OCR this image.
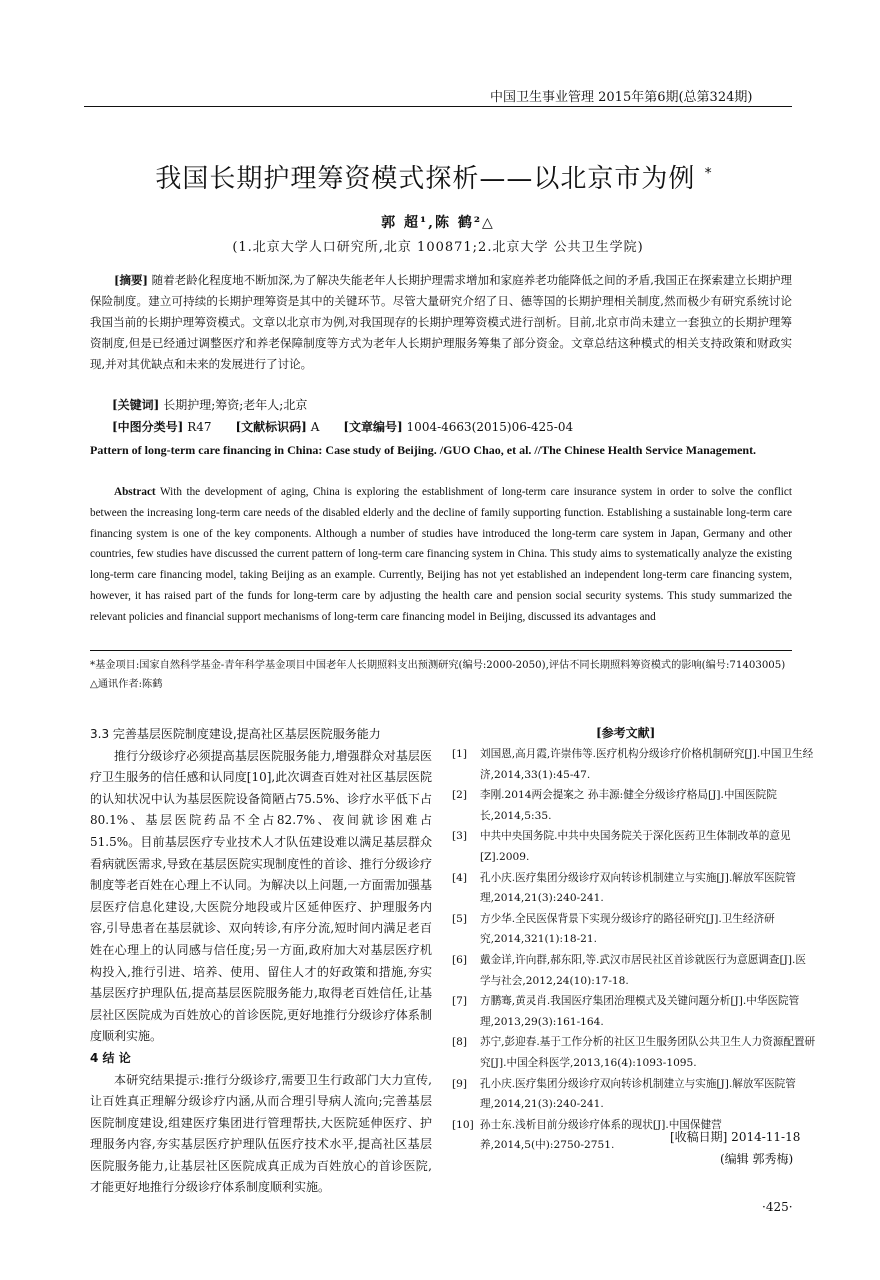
中国卫生事业管理 2015年第6期(总第324期)
我国长期护理筹资模式探析——以北京市为例 *
郭 超¹,陈 鹤²△
(1.北京大学人口研究所,北京 100871;2.北京大学 公共卫生学院)
[摘要] 随着老龄化程度地不断加深,为了解决失能老年人长期护理需求增加和家庭养老功能降低之间的矛盾,我国正在探索建立长期护理保险制度。建立可持续的长期护理筹资是其中的关键环节。尽管大量研究介绍了日、德等国的长期护理相关制度,然而极少有研究系统讨论我国当前的长期护理筹资模式。文章以北京市为例,对我国现存的长期护理筹资模式进行剖析。目前,北京市尚未建立一套独立的长期护理筹资制度,但是已经通过调整医疗和养老保障制度等方式为老年人长期护理服务筹集了部分资金。文章总结这种模式的相关支持政策和财政实现,并对其优缺点和未来的发展进行了讨论。
[关键词] 长期护理;筹资;老年人;北京
[中图分类号] R47 [文献标识码] A [文章编号] 1004-4663(2015)06-425-04
Pattern of long-term care financing in China: Case study of Beijing. /GUO Chao, et al. //The Chinese Health Service Management.
Abstract With the development of aging, China is exploring the establishment of long-term care insurance system in order to solve the conflict between the increasing long-term care needs of the disabled elderly and the decline of family supporting function. Establishing a sustainable long-term care financing system is one of the key components. Although a number of studies have introduced the long-term care system in Japan, Germany and other countries, few studies have discussed the current pattern of long-term care financing system in China. This study aims to systematically analyze the existing long-term care financing model, taking Beijing as an example. Currently, Beijing has not yet established an independent long-term care financing system, however, it has raised part of the funds for long-term care by adjusting the health care and pension social security systems. This study summarized the relevant policies and financial support mechanisms of long-term care financing model in Beijing, discussed its advantages and
*基金项目:国家自然科学基金-青年科学基金项目中国老年人长期照料支出预测研究(编号:2000-2050),评估不同长期照料筹资模式的影响(编号:71403005)
△通讯作者:陈鹤
3.3 完善基层医院制度建设,提高社区基层医院服务能力
推行分级诊疗必须提高基层医院服务能力,增强群众对基层医疗卫生服务的信任感和认同度[10],此次调查百姓对社区基层医院的认知状况中认为基层医院设备简陋占75.5%、诊疗水平低下占80.1%、基层医院药品不全占82.7%、夜间就诊困难占51.5%。目前基层医疗专业技术人才队伍建设难以满足基层群众看病就医需求,导致在基层医院实现制度性的首诊、推行分级诊疗制度等老百姓在心理上不认同。为解决以上问题,一方面需加强基层医疗信息化建设,大医院分地段或片区延伸医疗、护理服务内容,引导患者在基层就诊、双向转诊,有序分流,短时间内满足老百姓在心理上的认同感与信任度;另一方面,政府加大对基层医疗机构投入,推行引进、培养、使用、留住人才的好政策和措施,夯实基层医疗护理队伍,提高基层医院服务能力,取得老百姓信任,让基层社区医院成为百姓放心的首诊医院,更好地推行分级诊疗体系制度顺利实施。
4 结 论
本研究结果提示:推行分级诊疗,需要卫生行政部门大力宣传,让百姓真正理解分级诊疗内涵,从而合理引导病人流向;完善基层医院制度建设,组建医疗集团进行管理帮扶,大医院延伸医疗、护理服务内容,夯实基层医疗护理队伍医疗技术水平,提高社区基层医院服务能力,让基层社区医院成真正成为百姓放心的首诊医院,才能更好地推行分级诊疗体系制度顺利实施。
[参考文献]
[1]	刘国恩,高月霞,许崇伟等.医疗机构分级诊疗价格机制研究[J].中国卫生经济,2014,33(1):45-47.
[2]	李刚.2014两会提案之 孙丰源:健全分级诊疗格局[J].中国医院院长,2014,5:35.
[3]	中共中央国务院.中共中央国务院关于深化医药卫生体制改革的意见[Z].2009.
[4]	孔小庆.医疗集团分级诊疗双向转诊机制建立与实施[J].解放军医院管理,2014,21(3):240-241.
[5]	方少华.全民医保背景下实现分级诊疗的路径研究[J].卫生经济研究,2014,321(1):18-21.
[6]	戴金详,许向群,郝东阳,等.武汉市居民社区首诊就医行为意愿调查[J].医学与社会,2012,24(10):17-18.
[7]	方鹏骞,黄灵肖.我国医疗集团治理模式及关键问题分析[J].中华医院管理,2013,29(3):161-164.
[8]	苏宁,彭迎春.基于工作分析的社区卫生服务团队公共卫生人力资源配置研究[J].中国全科医学,2013,16(4):1093-1095.
[9]	孔小庆.医疗集团分级诊疗双向转诊机制建立与实施[J].解放军医院管理,2014,21(3):240-241.
[10] 孙士东.浅析目前分级诊疗体系的现状[J].中国保健营养,2014,5(中):2750-2751.
[收稿日期] 2014-11-18
(编辑 郭秀梅)
·425·
